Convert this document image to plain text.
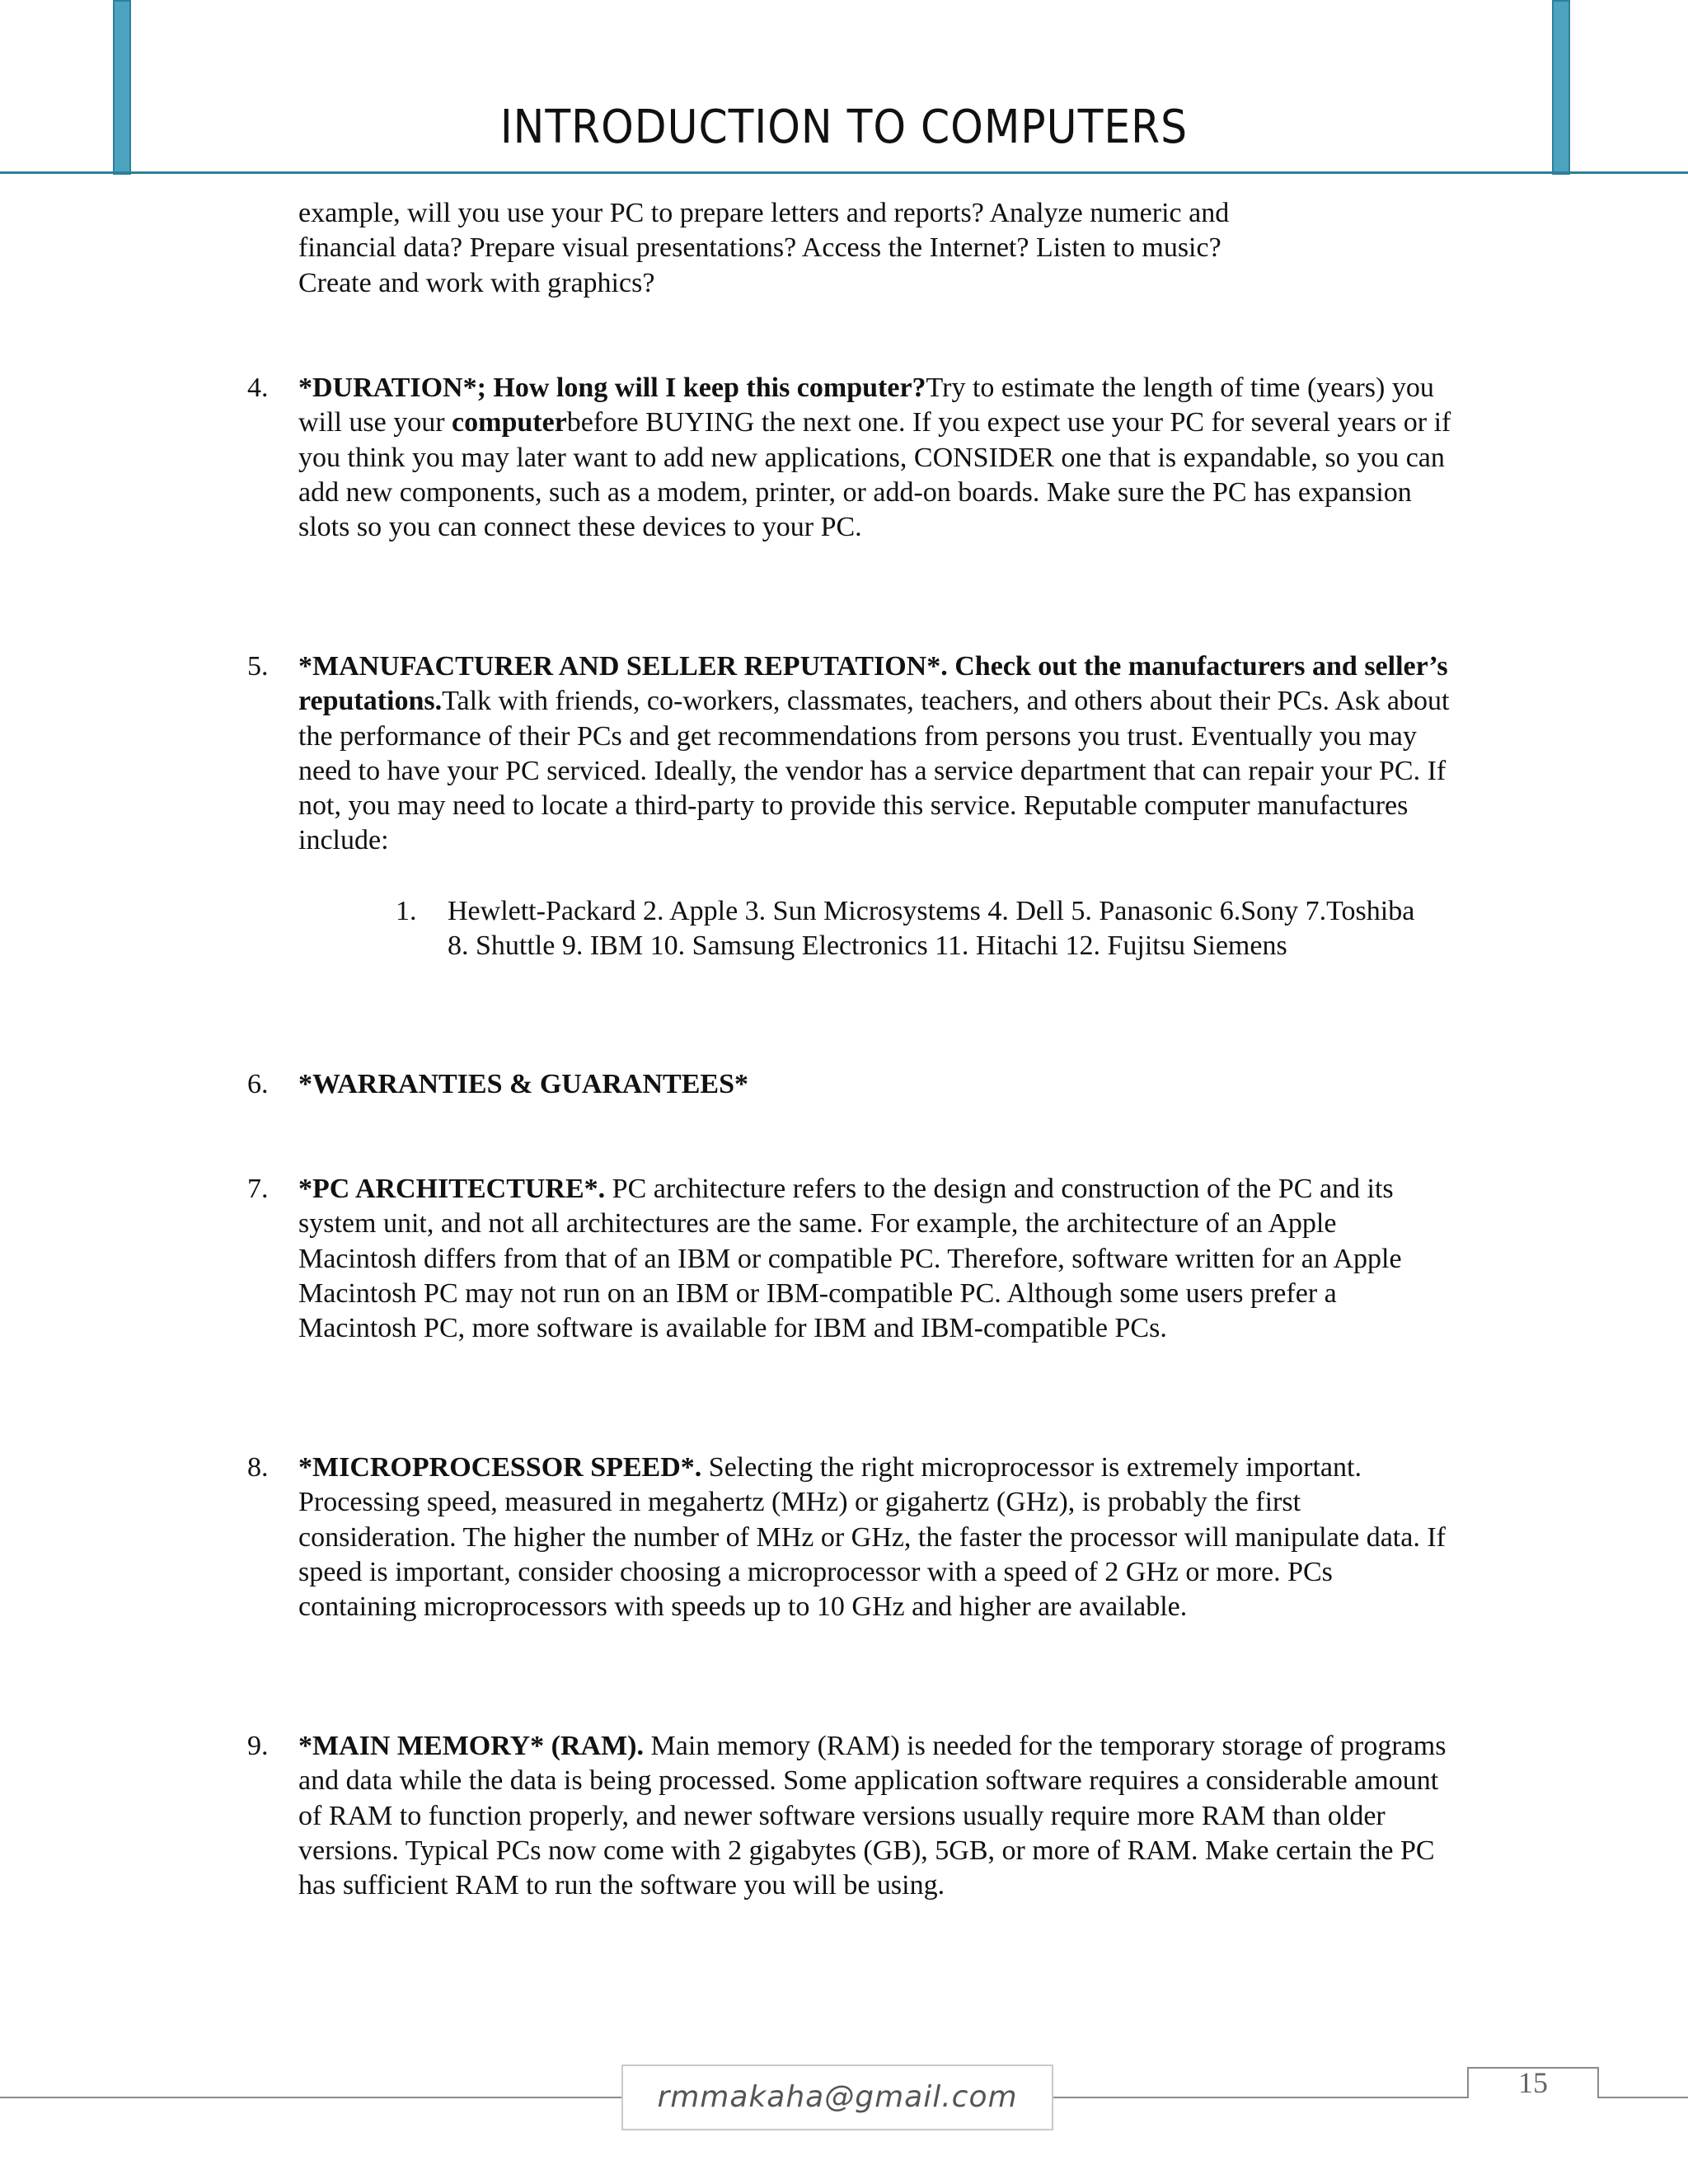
INTRODUCTION TO COMPUTERS
example, will you use your PC to prepare letters and reports? Analyze numeric and
financial data? Prepare visual presentations? Access the Internet? Listen to music?
Create and work with graphics?
4. *DURATION*; How long will I keep this computer?Try to estimate the length of time (years) you will use your computerbefore BUYING the next one. If you expect use your PC for several years or if you think you may later want to add new applications, CONSIDER one that is expandable, so you can add new components, such as a modem, printer, or add-on boards. Make sure the PC has expansion slots so you can connect these devices to your PC.
5. *MANUFACTURER AND SELLER REPUTATION*. Check out the manufacturers and seller’s reputations.Talk with friends, co-workers, classmates, teachers, and others about their PCs. Ask about the performance of their PCs and get recommendations from persons you trust. Eventually you may need to have your PC serviced. Ideally, the vendor has a service department that can repair your PC. If not, you may need to locate a third-party to provide this service. Reputable computer manufactures include:
1. Hewlett-Packard 2. Apple 3. Sun Microsystems 4. Dell 5. Panasonic 6.Sony 7.Toshiba 8. Shuttle 9. IBM 10. Samsung Electronics 11. Hitachi 12. Fujitsu Siemens
6. *WARRANTIES & GUARANTEES*
7. *PC ARCHITECTURE*. PC architecture refers to the design and construction of the PC and its system unit, and not all architectures are the same. For example, the architecture of an Apple Macintosh differs from that of an IBM or compatible PC. Therefore, software written for an Apple Macintosh PC may not run on an IBM or IBM-compatible PC. Although some users prefer a Macintosh PC, more software is available for IBM and IBM-compatible PCs.
8. *MICROPROCESSOR SPEED*. Selecting the right microprocessor is extremely important. Processing speed, measured in megahertz (MHz) or gigahertz (GHz), is probably the first consideration. The higher the number of MHz or GHz, the faster the processor will manipulate data. If speed is important, consider choosing a microprocessor with a speed of 2 GHz or more. PCs containing microprocessors with speeds up to 10 GHz and higher are available.
9. *MAIN MEMORY* (RAM). Main memory (RAM) is needed for the temporary storage of programs and data while the data is being processed. Some application software requires a considerable amount of RAM to function properly, and newer software versions usually require more RAM than older versions. Typical PCs now come with 2 gigabytes (GB), 5GB, or more of RAM. Make certain the PC has sufficient RAM to run the software you will be using.
rmmakaha@gmail.com	15
